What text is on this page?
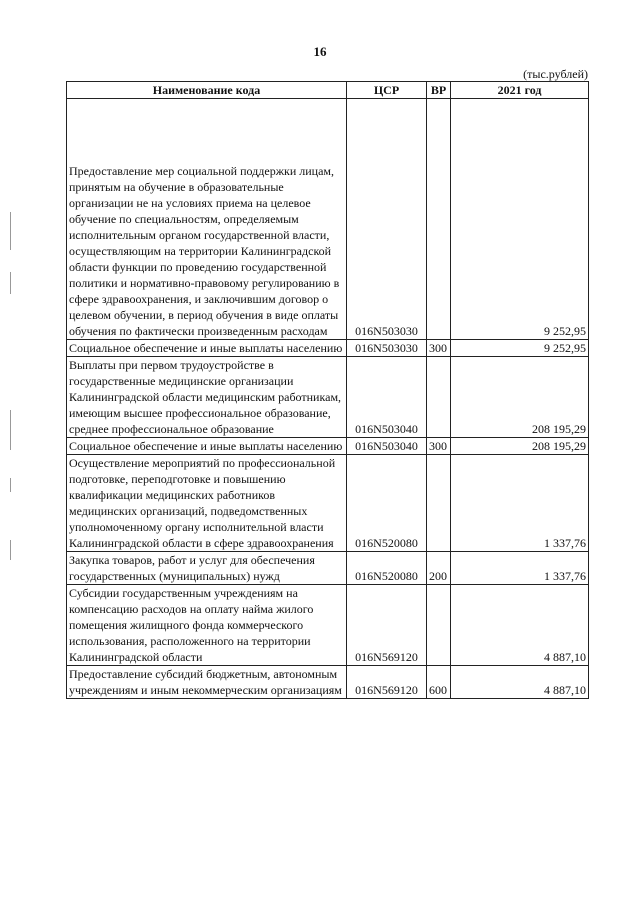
16
(тыс.рублей)
Наименование кода	ЦСР	ВР	2021 год
Предоставление мер социальной поддержки лицам, принятым на обучение в образовательные организации не на условиях приема на целевое обучение по специальностям, определяемым исполнительным органом государственной власти, осуществляющим на территории Калининградской области функции по проведению государственной политики и нормативно-правовому регулированию в сфере здравоохранения, и заключившим договор о целевом обучении, в период обучения в виде оплаты обучения по фактически произведенным расходам	016N503030		9 252,95
Социальное обеспечение и иные выплаты населению	016N503030	300	9 252,95
Выплаты при первом трудоустройстве в государственные медицинские организации Калининградской области медицинским работникам, имеющим высшее профессиональное образование, среднее профессиональное образование	016N503040		208 195,29
Социальное обеспечение и иные выплаты населению	016N503040	300	208 195,29
Осуществление мероприятий по профессиональной подготовке, переподготовке и повышению квалификации медицинских работников медицинских организаций, подведомственных уполномоченному органу исполнительной власти Калининградской области в сфере здравоохранения	016N520080		1 337,76
Закупка товаров, работ и услуг для обеспечения государственных (муниципальных) нужд	016N520080	200	1 337,76
Субсидии государственным учреждениям на компенсацию расходов на оплату найма жилого помещения жилищного фонда коммерческого использования, расположенного на территории Калининградской области	016N569120		4 887,10
Предоставление субсидий бюджетным, автономным учреждениям и иным некоммерческим организациям	016N569120	600	4 887,10
